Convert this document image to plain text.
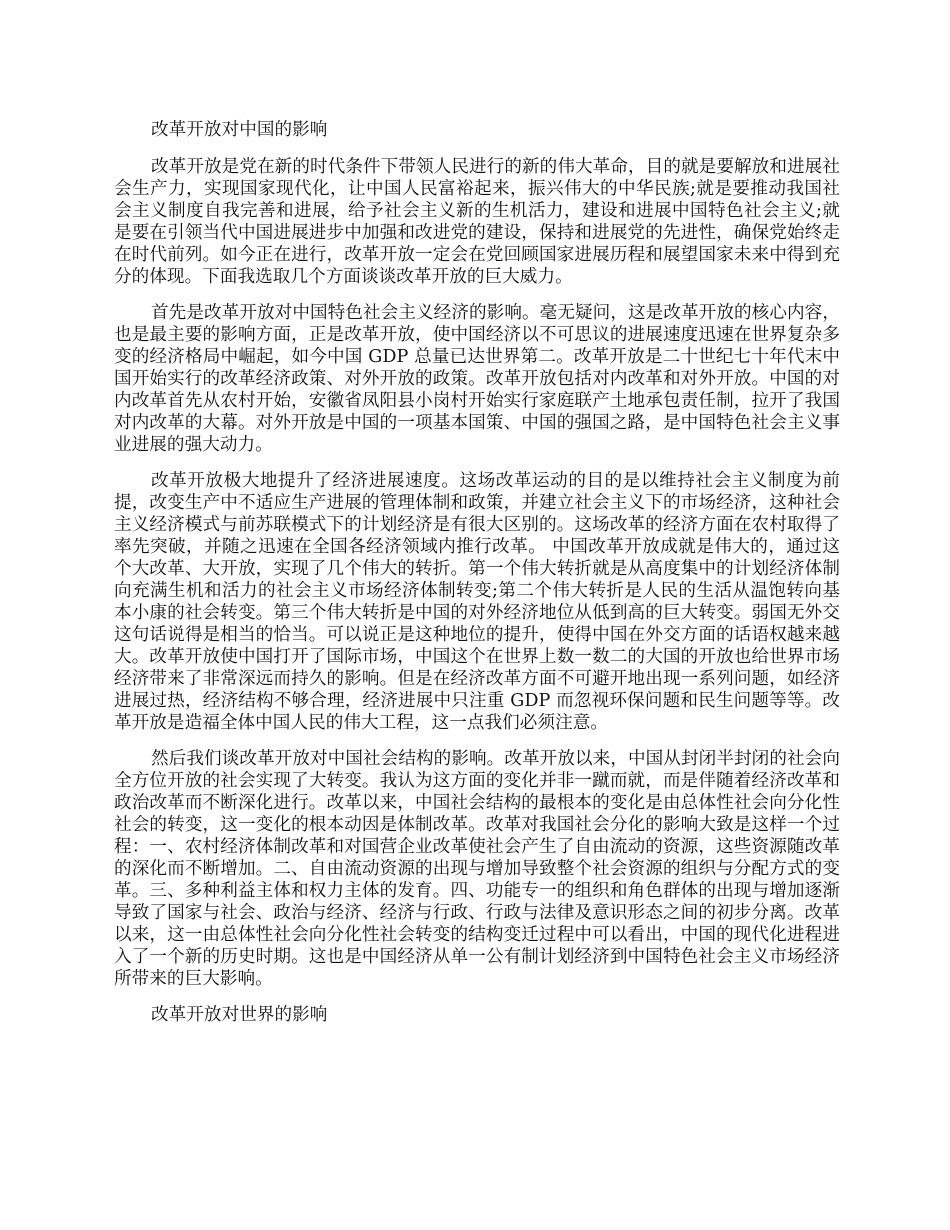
改革开放对中国的影响

改革开放是党在新的时代条件下带领人民进行的新的伟大革命，目的就是要解放和进展社会生产力，实现国家现代化，让中国人民富裕起来，振兴伟大的中华民族;就是要推动我国社会主义制度自我完善和进展，给予社会主义新的生机活力，建设和进展中国特色社会主义;就是要在引领当代中国进展进步中加强和改进党的建设，保持和进展党的先进性，确保党始终走在时代前列。如今正在进行，改革开放一定会在党回顾国家进展历程和展望国家未来中得到充分的体现。下面我选取几个方面谈谈改革开放的巨大威力。

首先是改革开放对中国特色社会主义经济的影响。毫无疑问，这是改革开放的核心内容，也是最主要的影响方面，正是改革开放，使中国经济以不可思议的进展速度迅速在世界复杂多变的经济格局中崛起，如今中国 GDP 总量已达世界第二。改革开放是二十世纪七十年代末中国开始实行的改革经济政策、对外开放的政策。改革开放包括对内改革和对外开放。中国的对内改革首先从农村开始，安徽省凤阳县小岗村开始实行家庭联产土地承包责任制，拉开了我国对内改革的大幕。对外开放是中国的一项基本国策、中国的强国之路，是中国特色社会主义事业进展的强大动力。

改革开放极大地提升了经济进展速度。这场改革运动的目的是以维持社会主义制度为前提，改变生产中不适应生产进展的管理体制和政策，并建立社会主义下的市场经济，这种社会主义经济模式与前苏联模式下的计划经济是有很大区别的。这场改革的经济方面在农村取得了率先突破，并随之迅速在全国各经济领域内推行改革。 中国改革开放成就是伟大的，通过这个大改革、大开放，实现了几个伟大的转折。第一个伟大转折就是从高度集中的计划经济体制向充满生机和活力的社会主义市场经济体制转变;第二个伟大转折是人民的生活从温饱转向基本小康的社会转变。第三个伟大转折是中国的对外经济地位从低到高的巨大转变。弱国无外交这句话说得是相当的恰当。可以说正是这种地位的提升，使得中国在外交方面的话语权越来越大。改革开放使中国打开了国际市场，中国这个在世界上数一数二的大国的开放也给世界市场经济带来了非常深远而持久的影响。但是在经济改革方面不可避开地出现一系列问题，如经济进展过热，经济结构不够合理，经济进展中只注重 GDP 而忽视环保问题和民生问题等等。改革开放是造福全体中国人民的伟大工程，这一点我们必须注意。

然后我们谈改革开放对中国社会结构的影响。改革开放以来，中国从封闭半封闭的社会向全方位开放的社会实现了大转变。我认为这方面的变化并非一蹴而就，而是伴随着经济改革和政治改革而不断深化进行。改革以来，中国社会结构的最根本的变化是由总体性社会向分化性社会的转变，这一变化的根本动因是体制改革。改革对我国社会分化的影响大致是这样一个过程：一、农村经济体制改革和对国营企业改革使社会产生了自由流动的资源，这些资源随改革的深化而不断增加。二、自由流动资源的出现与增加导致整个社会资源的组织与分配方式的变革。三、多种利益主体和权力主体的发育。四、功能专一的组织和角色群体的出现与增加逐渐导致了国家与社会、政治与经济、经济与行政、行政与法律及意识形态之间的初步分离。改革以来，这一由总体性社会向分化性社会转变的结构变迁过程中可以看出，中国的现代化进程进入了一个新的历史时期。这也是中国经济从单一公有制计划经济到中国特色社会主义市场经济所带来的巨大影响。

改革开放对世界的影响
